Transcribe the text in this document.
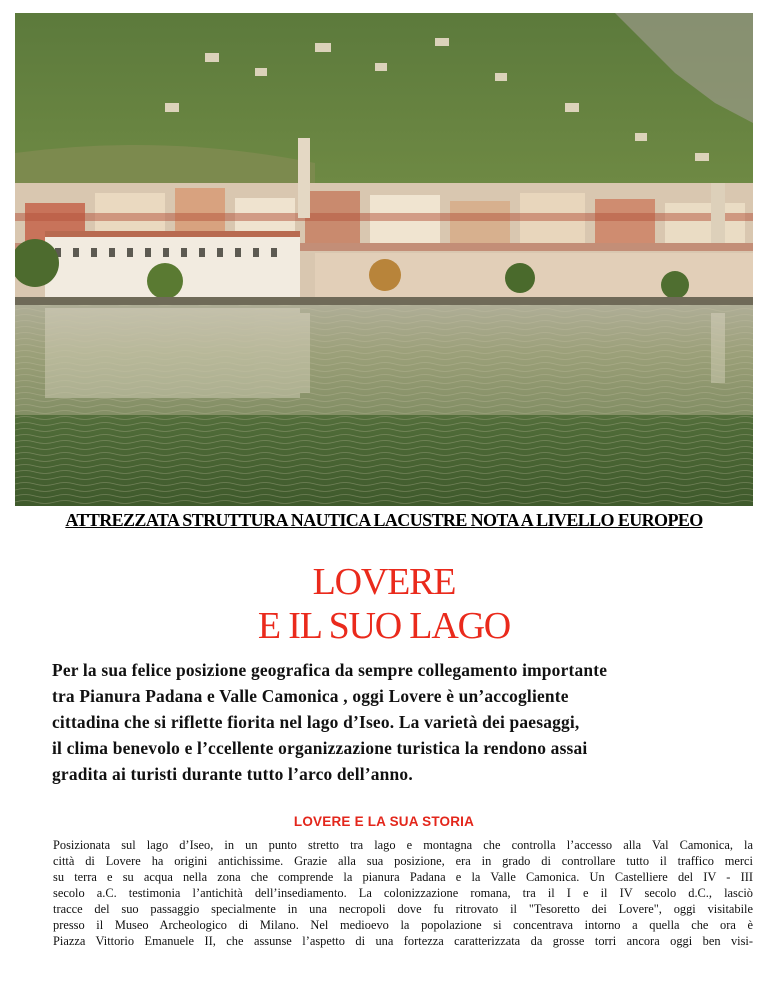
ATTREZZATA STRUTTURA NAUTICA LACUSTRE NOTA A LIVELLO EUROPEO
LOVERE
E IL SUO LAGO
Per la sua felice posizione geografica da sempre collegamento importante
tra Pianura Padana e Valle Camonica , oggi Lovere è un’accogliente
cittadina che si riflette fiorita nel lago d’Iseo. La varietà dei paesaggi,
il clima benevolo e l’ccellente organizzazione turistica la rendono assai
gradita ai turisti durante tutto l’arco dell’anno.
LOVERE E LA SUA STORIA
Posizionata sul lago d’Iseo, in un punto stretto tra lago e montagna che controlla l’accesso alla Val Camonica, la
città di Lovere ha origini antichissime. Grazie alla sua posizione, era in grado di controllare tutto il traffico merci
su terra e su acqua nella zona che comprende la pianura Padana e la Valle Camonica. Un Castelliere del IV - III
secolo a.C. testimonia l’antichità dell’insediamento. La colonizzazione romana, tra il I e il IV secolo d.C., lasciò
tracce del suo passaggio specialmente in una necropoli dove fu ritrovato il "Tesoretto dei Lovere", oggi visitabile
presso il Museo Archeologico di Milano. Nel medioevo la popolazione si concentrava intorno a quella che ora è
Piazza Vittorio Emanuele II, che assunse l’aspetto di una fortezza caratterizzata da grosse torri ancora oggi ben visi-
